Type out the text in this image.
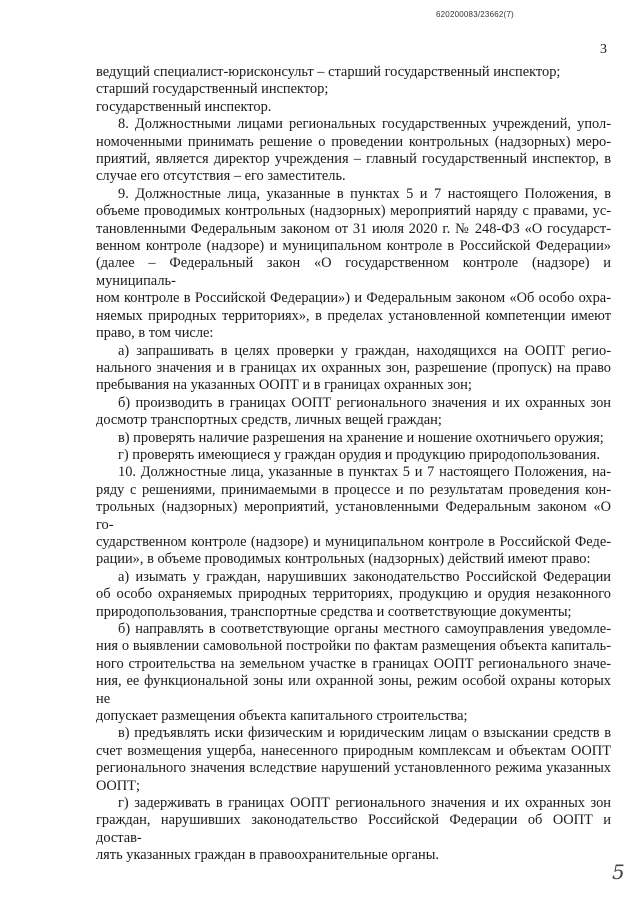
620200083/23662(7)
3
ведущий специалист-юрисконсульт – старший государственный инспектор;
старший государственный инспектор;
государственный инспектор.
8. Должностными лицами региональных государственных учреждений, упол-
номоченными принимать решение о проведении контрольных (надзорных) меро-
приятий, является директор учреждения – главный государственный инспектор, в
случае его отсутствия – его заместитель.
9. Должностные лица, указанные в пунктах 5 и 7 настоящего Положения, в
объеме проводимых контрольных (надзорных) мероприятий наряду с правами, ус-
тановленными Федеральным законом от 31 июля 2020 г. № 248-ФЗ «О государст-
венном контроле (надзоре) и муниципальном контроле в Российской Федерации»
(далее – Федеральный закон «О государственном контроле (надзоре) и муниципаль-
ном контроле в Российской Федерации») и Федеральным законом «Об особо охра-
няемых природных территориях», в пределах установленной компетенции имеют
право, в том числе:
а) запрашивать в целях проверки у граждан, находящихся на ООПТ регио-
нального значения и в границах их охранных зон, разрешение (пропуск) на право
пребывания на указанных ООПТ и в границах охранных зон;
б) производить в границах ООПТ регионального значения и их охранных зон
досмотр транспортных средств, личных вещей граждан;
в) проверять наличие разрешения на хранение и ношение охотничьего оружия;
г) проверять имеющиеся у граждан орудия и продукцию природопользования.
10. Должностные лица, указанные в пунктах 5 и 7 настоящего Положения, на-
ряду с решениями, принимаемыми в процессе и по результатам проведения кон-
трольных (надзорных) мероприятий, установленными Федеральным законом «О го-
сударственном контроле (надзоре) и муниципальном контроле в Российской Феде-
рации», в объеме проводимых контрольных (надзорных) действий имеют право:
а) изымать у граждан, нарушивших законодательство Российской Федерации
об особо охраняемых природных территориях, продукцию и орудия незаконного
природопользования, транспортные средства и соответствующие документы;
б) направлять в соответствующие органы местного самоуправления уведомле-
ния о выявлении самовольной постройки по фактам размещения объекта капиталь-
ного строительства на земельном участке в границах ООПТ регионального значе-
ния, ее функциональной зоны или охранной зоны, режим особой охраны которых не
допускает размещения объекта капитального строительства;
в) предъявлять иски физическим и юридическим лицам о взыскании средств в
счет возмещения ущерба, нанесенного природным комплексам и объектам ООПТ
регионального значения вследствие нарушений установленного режима указанных
ООПТ;
г) задерживать в границах ООПТ регионального значения и их охранных зон
граждан, нарушивших законодательство Российской Федерации об ООПТ и достав-
лять указанных граждан в правоохранительные органы.
5
